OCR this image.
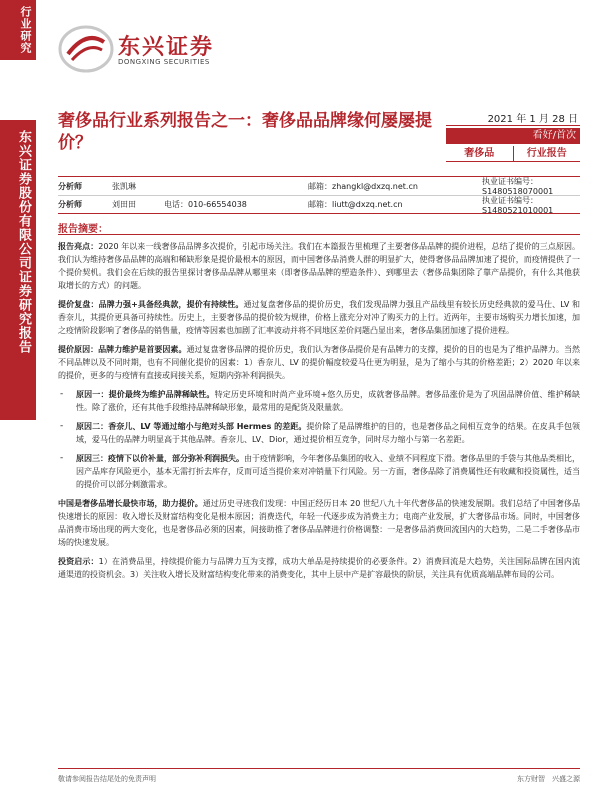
行业研究
东兴证券股份有限公司证券研究报告
东兴证券
DONGXING SECURITIES
奢侈品行业系列报告之一：奢侈品品牌缘何屡屡提价？
2021 年 1 月 28 日
看好/首次
奢侈品	行业报告
分析师	张凯琳	邮箱：zhangkl@dxzq.net.cn	执业证书编号：S1480518070001
分析师	刘田田	电话：010-66554038	邮箱：liutt@dxzq.net.cn	执业证书编号：S1480521010001
报告摘要：

报告亮点：2020 年以来一线奢侈品品牌多次提价，引起市场关注。我们在本篇报告里梳理了主要奢侈品品牌的提价进程，总结了提价的三点原因。我们认为维持奢侈品品牌的高端和稀缺形象是提价最根本的原因，而中国奢侈品消费人群的明显扩大，使得奢侈品品牌加速了提价，而疫情提供了一个提价契机。我们会在后续的报告里探讨奢侈品品牌从哪里来（即奢侈品品牌的塑造条件）、到哪里去（奢侈品集团除了靠产品提价，有什么其他获取增长的方式）的问题。

提价复盘：品牌力强+具备经典款，提价有持续性。通过复盘奢侈品的提价历史，我们发现品牌力强且产品线里有较长历史经典款的爱马仕、LV 和香奈儿，其提价更具备可持续性。历史上，主要奢侈品的提价较为规律，价格上涨充分对冲了购买力的上行。近两年，主要市场购买力增长加速，加之疫情阶段影响了奢侈品的销售量，疫情等因素也加剧了汇率波动并将不同地区差价问题凸显出来，奢侈品集团加速了提价进程。

提价原因：品牌力维护是首要因素。通过复盘奢侈品牌的提价历史，我们认为奢侈品提价是有品牌力的支撑，提价的目的也是为了维护品牌力。当然不同品牌以及不同时期，也有不同催化提价的因素：1）香奈儿、LV 的提价幅度较爱马仕更为明显，是为了缩小与其的价格差距；2）2020 年以来的提价，更多的与疫情有直接或间接关系，短期内弥补利润损失。

-	原因一：提价最终为维护品牌稀缺性。特定历史环境和时尚产业环境+悠久历史，成就奢侈品牌。奢侈品涨价是为了巩固品牌价值、维护稀缺性。除了涨价，还有其他手段维持品牌稀缺形象，最常用的是配货及限量款。
-	原因二：香奈儿、LV 等通过缩小与绝对头部 Hermes 的差距。提价除了是品牌维护的目的，也是奢侈品之间相互竞争的结果。在皮具手包领域，爱马仕的品牌力明显高于其他品牌。香奈儿、LV、Dior，通过提价相互竞争，同时尽力缩小与第一名差距。
-	原因三：疫情下以价补量，部分弥补利润损失。由于疫情影响，今年奢侈品集团的收入、业绩不同程度下滑。奢侈品里的手袋与其他品类相比，因产品库存风险更小，基本无需打折去库存，反而可适当提价来对冲销量下行风险。另一方面，奢侈品除了消费属性还有收藏和投资属性，适当的提价可以部分刺激需求。

中国是奢侈品增长最快市场，助力提价。通过历史寻迹我们发现：中国正经历日本 20 世纪八九十年代奢侈品的快速发展期。我们总结了中国奢侈品快速增长的原因：收入增长及财富结构变化是根本原因；消费迭代，年轻一代逐步成为消费主力；电商产业发展，扩大奢侈品市场。同时，中国奢侈品消费市场出现的两大变化，也是奢侈品必须的因素，间接助推了奢侈品品牌进行价格调整：一是奢侈品消费回流国内的大趋势，二是二手奢侈品市场的快速发展。

投资启示：1）在消费品里，持续提价能力与品牌力互为支撑，成功大单品是持续提价的必要条件。2）消费回流是大趋势，关注国际品牌在国内流通渠道的投资机会。3）关注收入增长及财富结构变化带来的消费变化，其中上层中产是扩容最快的阶层，关注具有优质高端品牌布局的公司。

敬请参阅报告结尾处的免责声明	东方财智　兴盛之源
